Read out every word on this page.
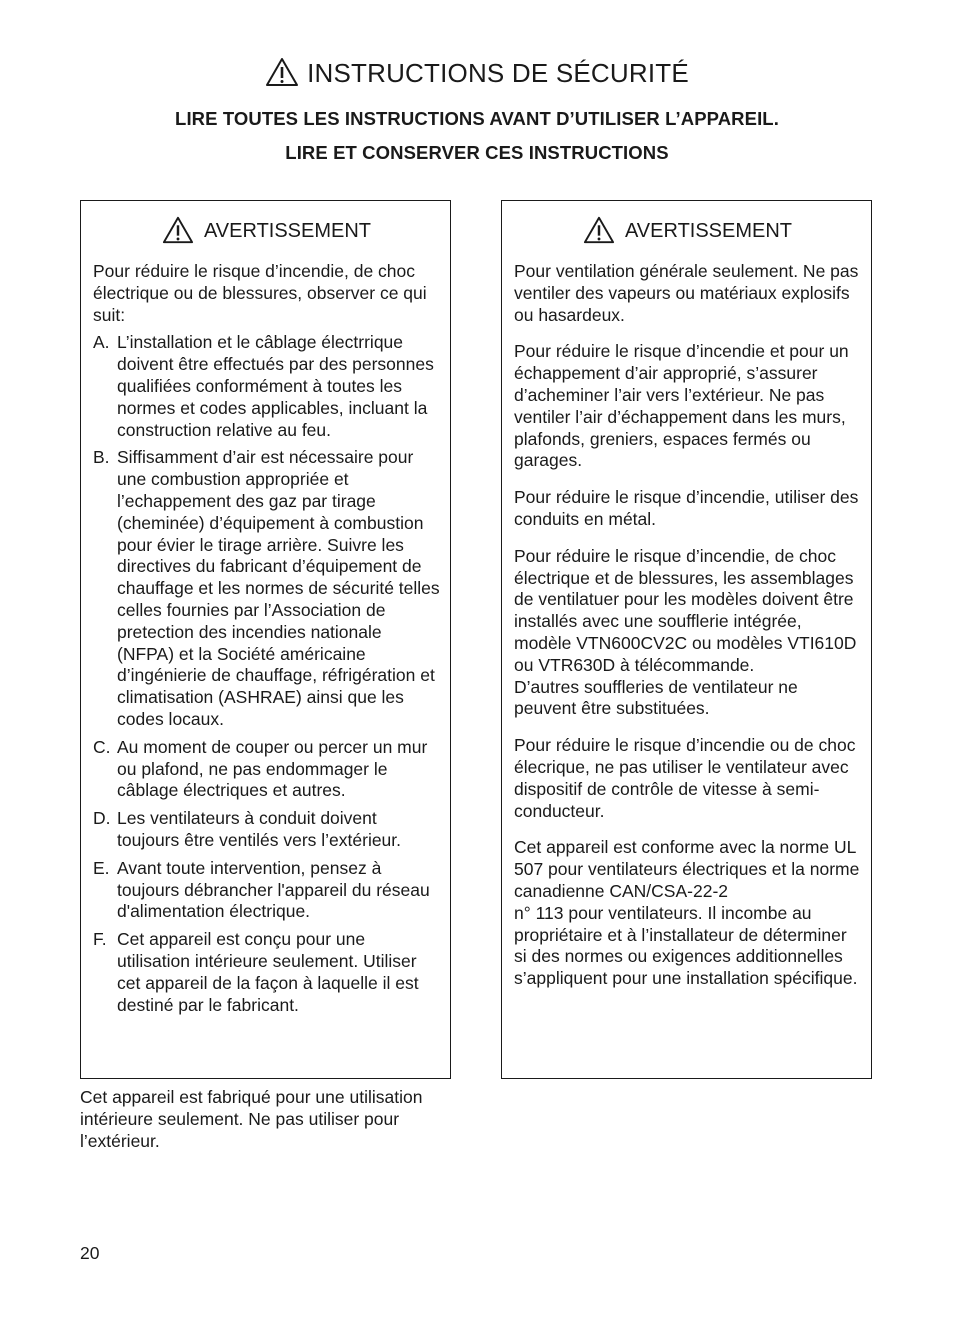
INSTRUCTIONS DE SÉCURITÉ
LIRE TOUTES LES INSTRUCTIONS AVANT D’UTILISER L’APPAREIL.
LIRE ET CONSERVER CES INSTRUCTIONS
AVERTISSEMENT

Pour réduire le risque d’incendie, de choc électrique ou de blessures, observer ce qui suit:

A. L’installation et le câblage électrrique doivent être effectués par des personnes qualifiées conformément à toutes les normes et codes applicables, incluant la construction relative au feu.
B. Siffisamment d’air est nécessaire pour une combustion appropriée et l’echappement des gaz par tirage (cheminée) d’équipement à combustion pour évier le tirage arrière. Suivre les directives du fabricant d’équipement de chauffage et les normes de sécurité telles celles fournies par l’Association de pretection des incendies nationale (NFPA) et la Société américaine d’ingénierie de chauffage, réfrigération et climatisation (ASHRAE) ainsi que les codes locaux.
C. Au moment de couper ou percer un mur ou plafond, ne pas endommager le câblage électriques et autres.
D. Les ventilateurs à conduit doivent toujours être ventilés vers l’extérieur.
E. Avant toute intervention, pensez à toujours débrancher l'appareil du réseau d'alimentation électrique.
F. Cet appareil est conçu pour une utilisation intérieure seulement. Utiliser cet appareil de la façon à laquelle il est destiné par le fabricant.
AVERTISSEMENT

Pour ventilation générale seulement. Ne pas ventiler des vapeurs ou matériaux explosifs ou hasardeux.

Pour réduire le risque d’incendie et pour un échappement d’air approprié, s’assurer d’acheminer l’air vers l’extérieur. Ne pas ventiler l’air d’échappement dans les murs, plafonds, greniers, espaces fermés ou garages.

Pour réduire le risque d’incendie, utiliser des conduits en métal.

Pour réduire le risque d’incendie, de choc électrique et de blessures, les assemblages de ventilatuer pour les modèles doivent être installés avec une soufflerie intégrée, modèle VTN600CV2C ou modèles VTI610D ou VTR630D à télécommande.

D’autres souffleries de ventilateur ne peuvent être substituées.

Pour réduire le risque d’incendie ou de choc élecrique, ne pas utiliser le ventilateur avec dispositif de contrôle de vitesse à semi-conducteur.

Cet appareil est conforme avec la norme UL 507 pour ventilateurs électriques et la norme canadienne CAN/CSA-22-2

n° 113 pour ventilateurs. Il incombe au propriétaire et à l’installateur de déterminer si des normes ou exigences additionnelles s’appliquent pour une installation spécifique.

Cet appareil est fabriqué pour une utilisation intérieure seulement. Ne pas utiliser pour l’extérieur.
20
